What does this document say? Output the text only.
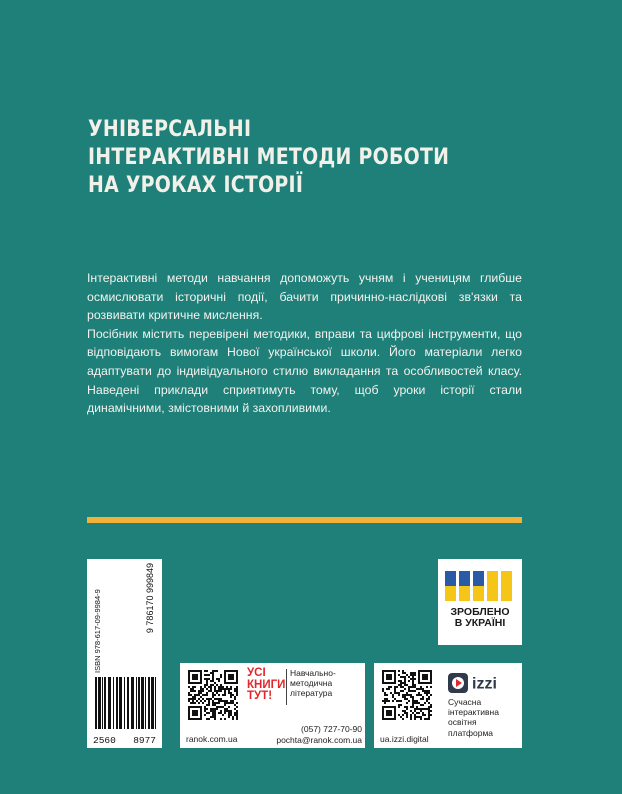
УНІВЕРСАЛЬНІ
ІНТЕРАКТИВНІ МЕТОДИ РОБОТИ
НА УРОКАХ ІСТОРІЇ

Інтерактивні методи навчання допоможуть учням і ученицям глибше осмислювати історичні події, бачити причинно-наслідкові зв'язки та розвивати критичне мислення.

Посібник містить перевірені методики, вправи та цифрові інструменти, що відповідають вимогам Нової української школи. Його матеріали легко адаптувати до індивідуального стилю викладання та особливостей класу. Наведені приклади сприятимуть тому, щоб уроки історії стали динамічними, змістовними й захопливими.

ISBN 978-617-09-9984-9	9 786170 999849
2560 8977
ЗРОБЛЕНО
В УКРАЇНІ
УСІ
КНИГИ
ТУТ!
Навчально-
методична
література
ranok.com.ua
(057) 727-70-90
pochta@ranok.com.ua
izzi
Сучасна
інтерактивна
освітня
платформа
ua.izzi.digital
